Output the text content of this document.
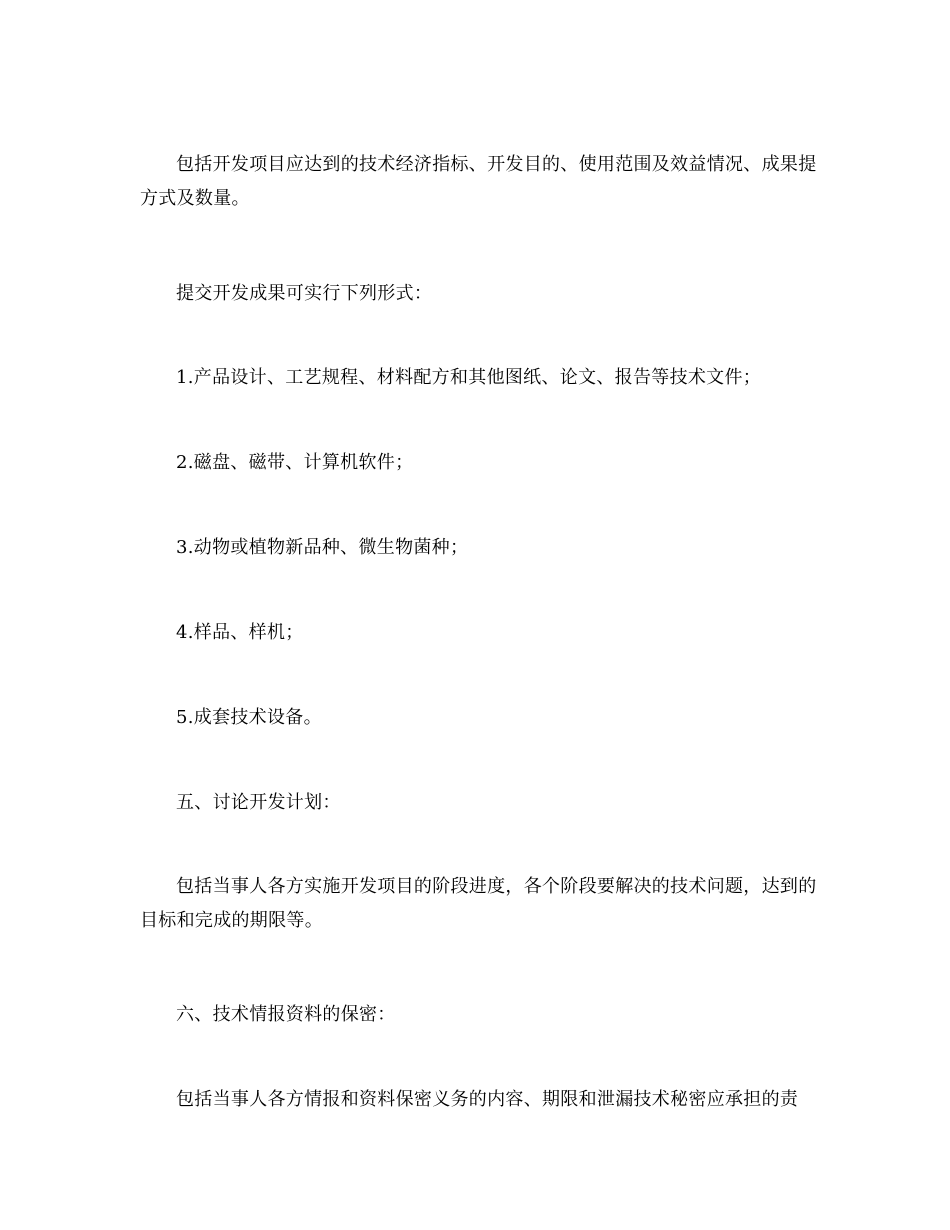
包括开发项目应达到的技术经济指标、开发目的、使用范围及效益情况、成果提方式及数量。

提交开发成果可实行下列形式：

1.产品设计、工艺规程、材料配方和其他图纸、论文、报告等技术文件；

2.磁盘、磁带、计算机软件；

3.动物或植物新品种、微生物菌种；

4.样品、样机；

5.成套技术设备。

五、讨论开发计划：

包括当事人各方实施开发项目的阶段进度，各个阶段要解决的技术问题，达到的目标和完成的期限等。

六、技术情报资料的保密：

包括当事人各方情报和资料保密义务的内容、期限和泄漏技术秘密应承担的责
